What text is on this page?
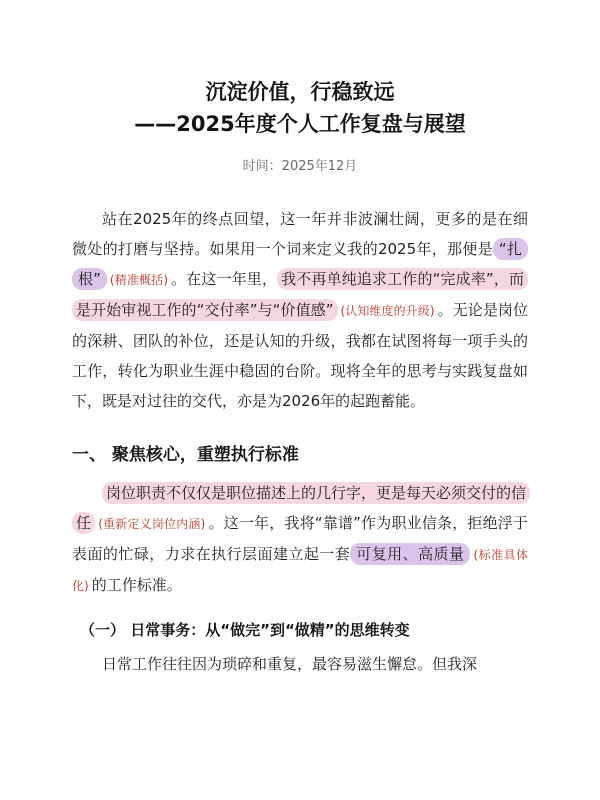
沉淀价值，行稳致远
——2025年度个人工作复盘与展望
时间：2025年12月

站在2025年的终点回望，这一年并非波澜壮阔，更多的是在细微处的打磨与坚持。如果用一个词来定义我的2025年，那便是 “扎根” (精准概括) 。在这一年里， 我不再单纯追求工作的“完成率”，而是开始审视工作的“交付率”与“价值感” (认知维度的升级) 。无论是岗位的深耕、团队的补位，还是认知的升级，我都在试图将每一项手头的工作，转化为职业生涯中稳固的台阶。现将全年的思考与实践复盘如下，既是对过往的交代，亦是为2026年的起跑蓄能。

一、 聚焦核心，重塑执行标准

岗位职责不仅仅是职位描述上的几行字，更是每天必须交付的信任 (重新定义岗位内涵) 。这一年，我将“靠谱”作为职业信条，拒绝浮于表面的忙碌，力求在执行层面建立起一套 可复用、高质量 (标准具体化) 的工作标准。

（一） 日常事务：从“做完”到“做精”的思维转变

日常工作往往因为琐碎和重复，最容易滋生懈怠。但我深
